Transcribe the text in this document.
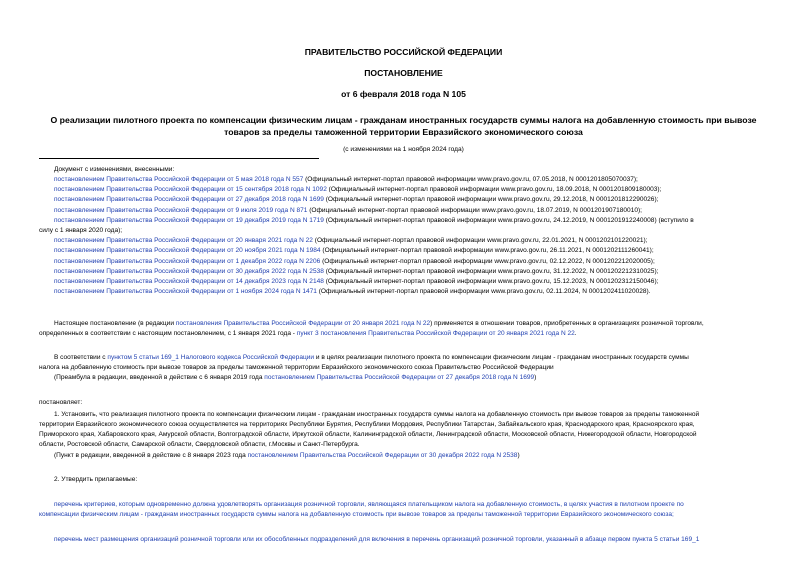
ПРАВИТЕЛЬСТВО РОССИЙСКОЙ ФЕДЕРАЦИИ
ПОСТАНОВЛЕНИЕ
от 6 февраля 2018 года N 105
О реализации пилотного проекта по компенсации физическим лицам - гражданам иностранных государств суммы налога на добавленную стоимость при вывозе
товаров за пределы таможенной территории Евразийского экономического союза
(с изменениями на 1 ноября 2024 года)
Документ с изменениями, внесенными:
постановлением Правительства Российской Федерации от 5 мая 2018 года N 557 (Официальный интернет-портал правовой информации www.pravo.gov.ru, 07.05.2018, N 0001201805070037);
постановлением Правительства Российской Федерации от 15 сентября 2018 года N 1092 (Официальный интернет-портал правовой информации www.pravo.gov.ru, 18.09.2018, N 0001201809180003);
постановлением Правительства Российской Федерации от 27 декабря 2018 года N 1699 (Официальный интернет-портал правовой информации www.pravo.gov.ru, 29.12.2018, N 0001201812290026);
постановлением Правительства Российской Федерации от 9 июля 2019 года N 871 (Официальный интернет-портал правовой информации www.pravo.gov.ru, 18.07.2019, N 0001201907180010);
постановлением Правительства Российской Федерации от 19 декабря 2019 года N 1719 (Официальный интернет-портал правовой информации www.pravo.gov.ru, 24.12.2019, N 0001201912240008) (вступило в
силу с 1 января 2020 года);
постановлением Правительства Российской Федерации от 20 января 2021 года N 22 (Официальный интернет-портал правовой информации www.pravo.gov.ru, 22.01.2021, N 0001202101220021);
постановлением Правительства Российской Федерации от 20 ноября 2021 года N 1984 (Официальный интернет-портал правовой информации www.pravo.gov.ru, 26.11.2021, N 0001202111260041);
постановлением Правительства Российской Федерации от 1 декабря 2022 года N 2206 (Официальный интернет-портал правовой информации www.pravo.gov.ru, 02.12.2022, N 0001202212020005);
постановлением Правительства Российской Федерации от 30 декабря 2022 года N 2538 (Официальный интернет-портал правовой информации www.pravo.gov.ru, 31.12.2022, N 0001202212310025);
постановлением Правительства Российской Федерации от 14 декабря 2023 года N 2148 (Официальный интернет-портал правовой информации www.pravo.gov.ru, 15.12.2023, N 0001202312150046);
постановлением Правительства Российской Федерации от 1 ноября 2024 года N 1471 (Официальный интернет-портал правовой информации www.pravo.gov.ru, 02.11.2024, N 0001202411020028).
Настоящее постановление (в редакции постановления Правительства Российской Федерации от 20 января 2021 года N 22) применяется в отношении товаров, приобретенных в организациях розничной торговли,
определенных в соответствии с настоящим постановлением, с 1 января 2021 года - пункт 3 постановления Правительства Российской Федерации от 20 января 2021 года N 22.
В соответствии с пунктом 5 статьи 169_1 Налогового кодекса Российской Федерации и в целях реализации пилотного проекта по компенсации физическим лицам - гражданам иностранных государств суммы
налога на добавленную стоимость при вывозе товаров за пределы таможенной территории Евразийского экономического союза Правительство Российской Федерации
(Преамбула в редакции, введенной в действие с 6 января 2019 года постановлением Правительства Российской Федерации от 27 декабря 2018 года N 1699)
постановляет:
1. Установить, что реализация пилотного проекта по компенсации физическим лицам - гражданам иностранных государств суммы налога на добавленную стоимость при вывозе товаров за пределы таможенной
территории Евразийского экономического союза осуществляется на территориях Республики Бурятия, Республики Мордовия, Республики Татарстан, Забайкальского края, Краснодарского края, Красноярского края,
Приморского края, Хабаровского края, Амурской области, Волгоградской области, Иркутской области, Калининградской области, Ленинградской области, Московской области, Нижегородской области, Новгородской
области, Ростовской области, Самарской области, Свердловской области, г.Москвы и Санкт-Петербурга.
(Пункт в редакции, введенной в действие с 8 января 2023 года постановлением Правительства Российской Федерации от 30 декабря 2022 года N 2538)
2. Утвердить прилагаемые:
перечень критериев, которым одновременно должна удовлетворять организация розничной торговли, являющаяся плательщиком налога на добавленную стоимость, в целях участия в пилотном проекте по
компенсации физическим лицам - гражданам иностранных государств суммы налога на добавленную стоимость при вывозе товаров за пределы таможенной территории Евразийского экономического союза;
перечень мест размещения организаций розничной торговли или их обособленных подразделений для включения в перечень организаций розничной торговли, указанный в абзаце первом пункта 5 статьи 169_1
